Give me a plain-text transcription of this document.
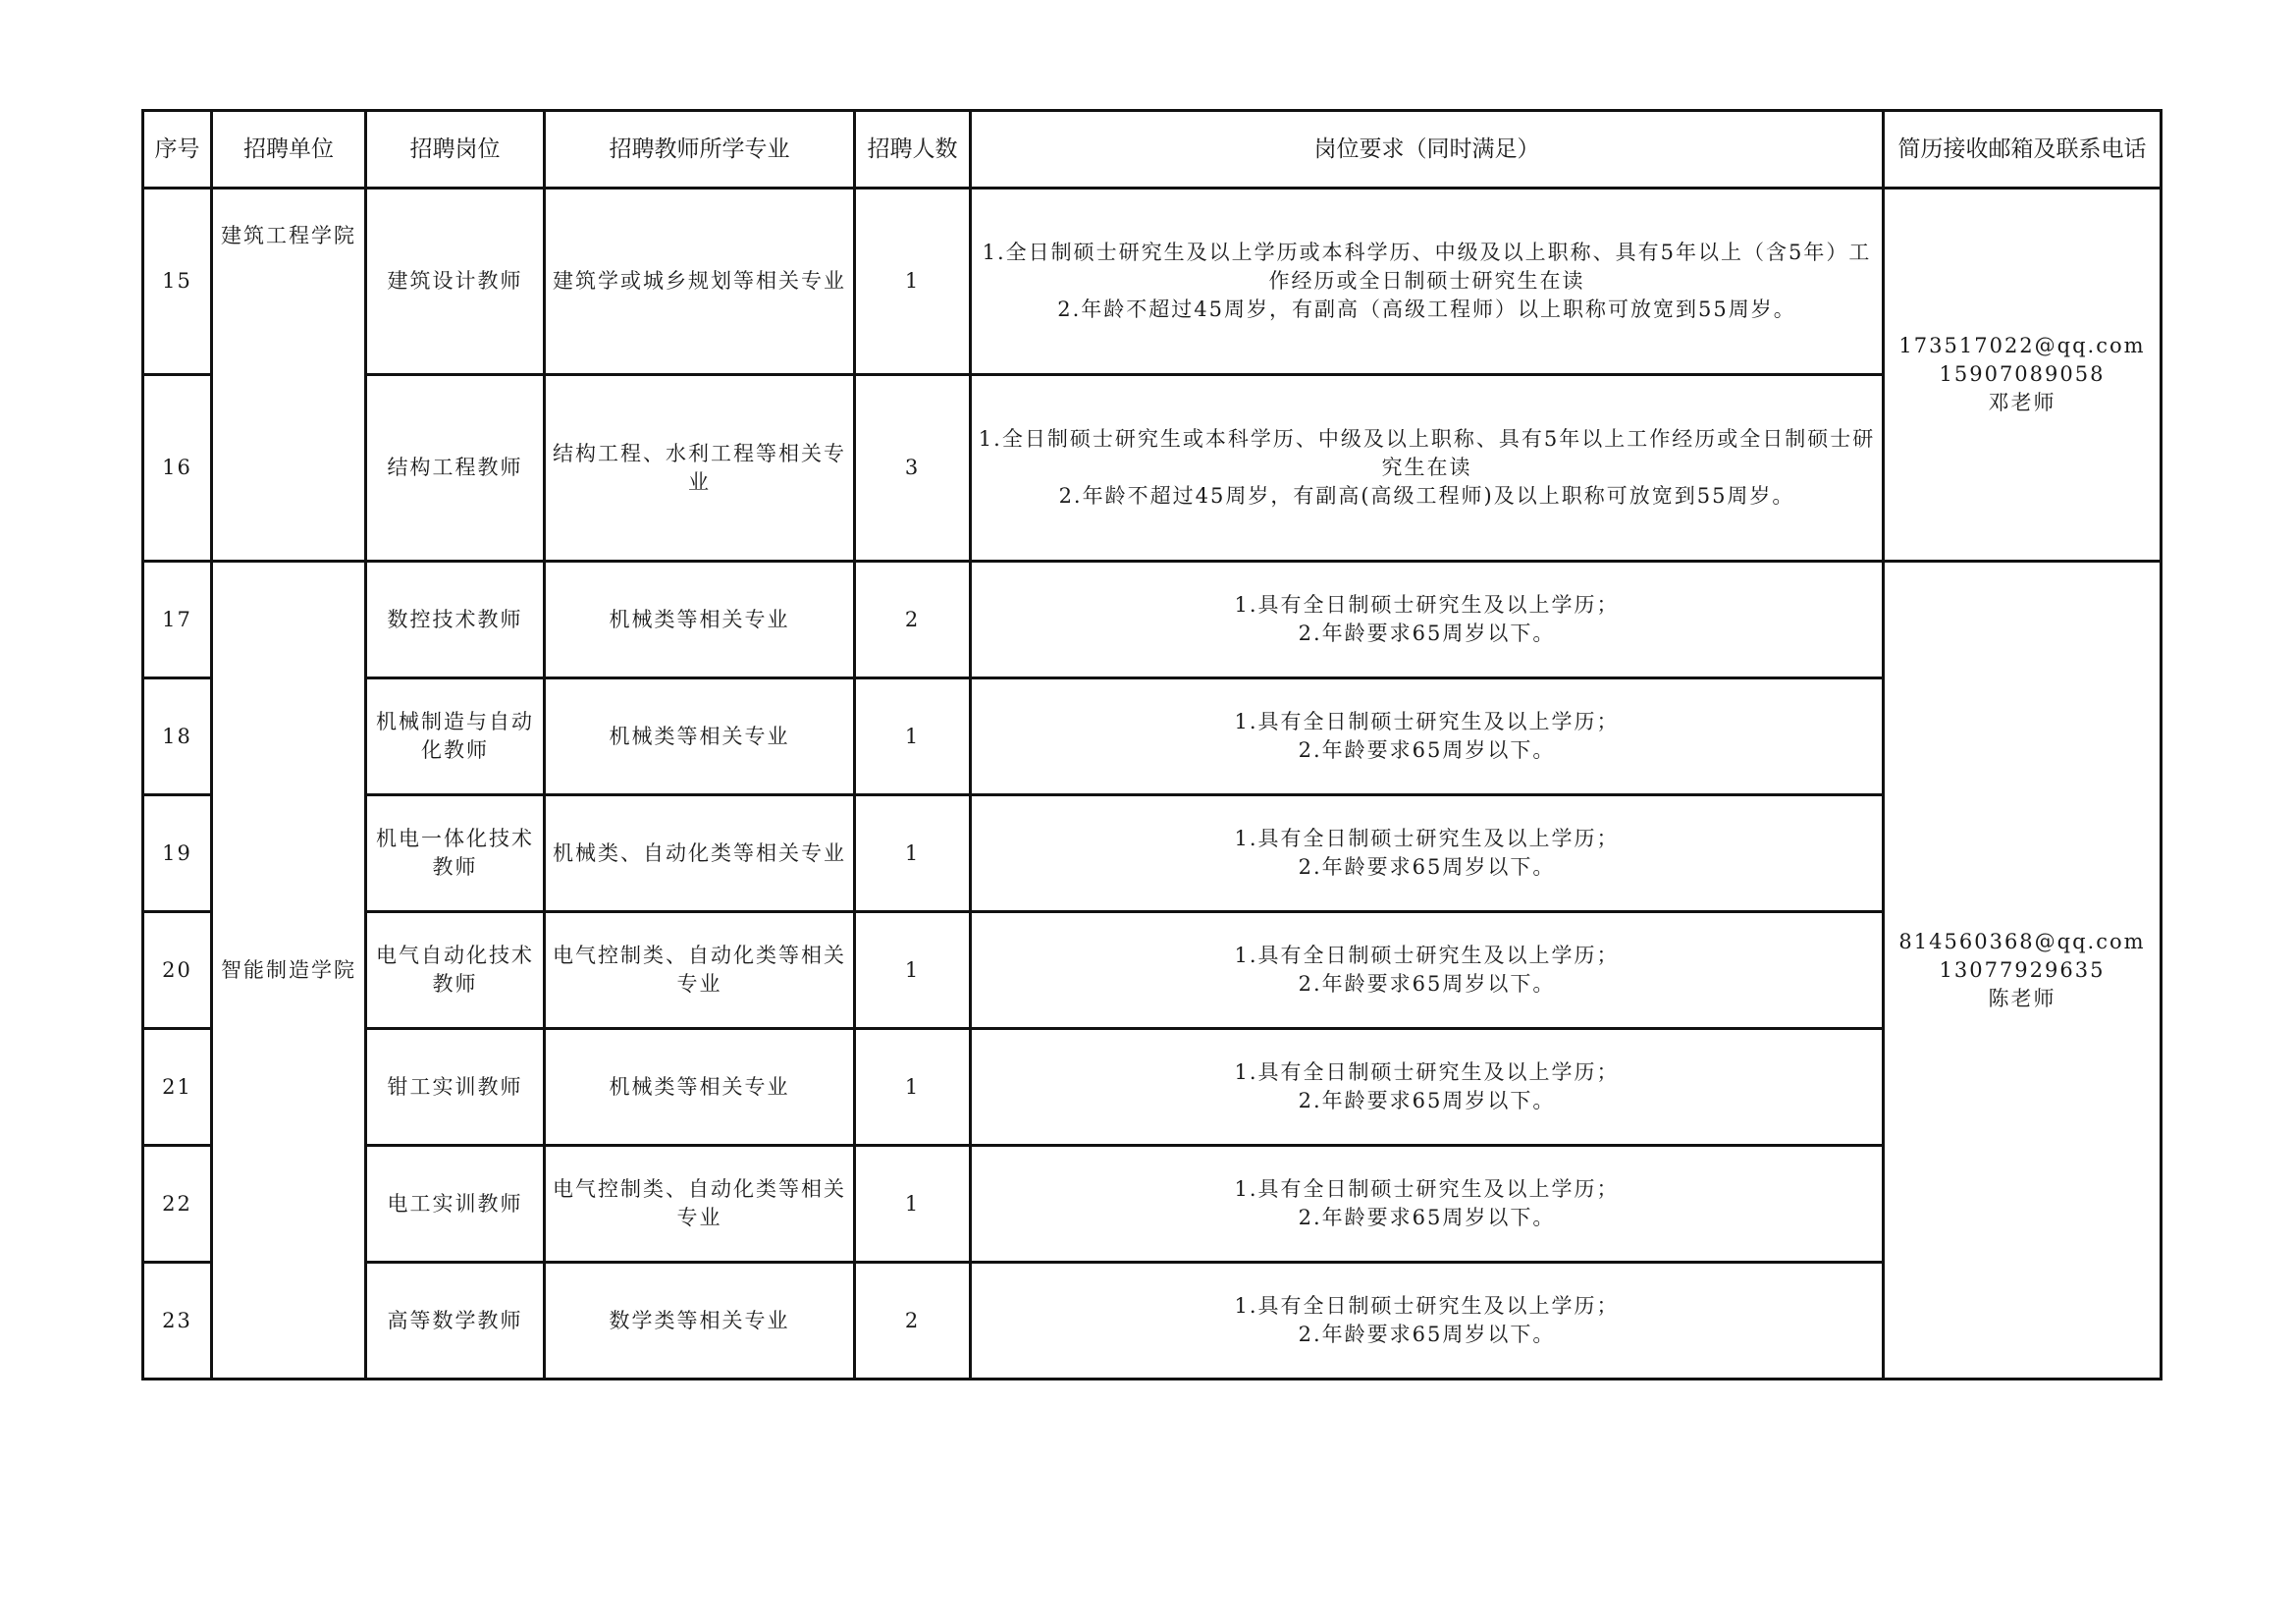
序号	招聘单位	招聘岗位	招聘教师所学专业	招聘人数	岗位要求（同时满足）	简历接收邮箱及联系电话
15	建筑工程学院	建筑设计教师	建筑学或城乡规划等相关专业	1	1.全日制硕士研究生及以上学历或本科学历、中级及以上职称、具有5年以上（含5年）工作经历或全日制硕士研究生在读
2.年龄不超过45周岁，有副高（高级工程师）以上职称可放宽到55周岁。	173517022@qq.com
15907089058
邓老师

16		结构工程教师	结构工程、水利工程等相关专业	3	1.全日制硕士研究生或本科学历、中级及以上职称、具有5年以上工作经历或全日制硕士研究生在读
2.年龄不超过45周岁，有副高(高级工程师)及以上职称可放宽到55周岁。	

17	智能制造学院	数控技术教师	机械类等相关专业	2	1.具有全日制硕士研究生及以上学历；
2.年龄要求65周岁以下。	814560368@qq.com
13077929635
陈老师

18		机械制造与自动化教师	机械类等相关专业	1	1.具有全日制硕士研究生及以上学历；
2.年龄要求65周岁以下。	

19		机电一体化技术教师	机械类、自动化类等相关专业	1	1.具有全日制硕士研究生及以上学历；
2.年龄要求65周岁以下。	

20		电气自动化技术教师	电气控制类、自动化类等相关专业	1	1.具有全日制硕士研究生及以上学历；
2.年龄要求65周岁以下。	

21		钳工实训教师	机械类等相关专业	1	1.具有全日制硕士研究生及以上学历；
2.年龄要求65周岁以下。	

22		电工实训教师	电气控制类、自动化类等相关专业	1	1.具有全日制硕士研究生及以上学历；
2.年龄要求65周岁以下。	

23		高等数学教师	数学类等相关专业	2	1.具有全日制硕士研究生及以上学历；
2.年龄要求65周岁以下。	
